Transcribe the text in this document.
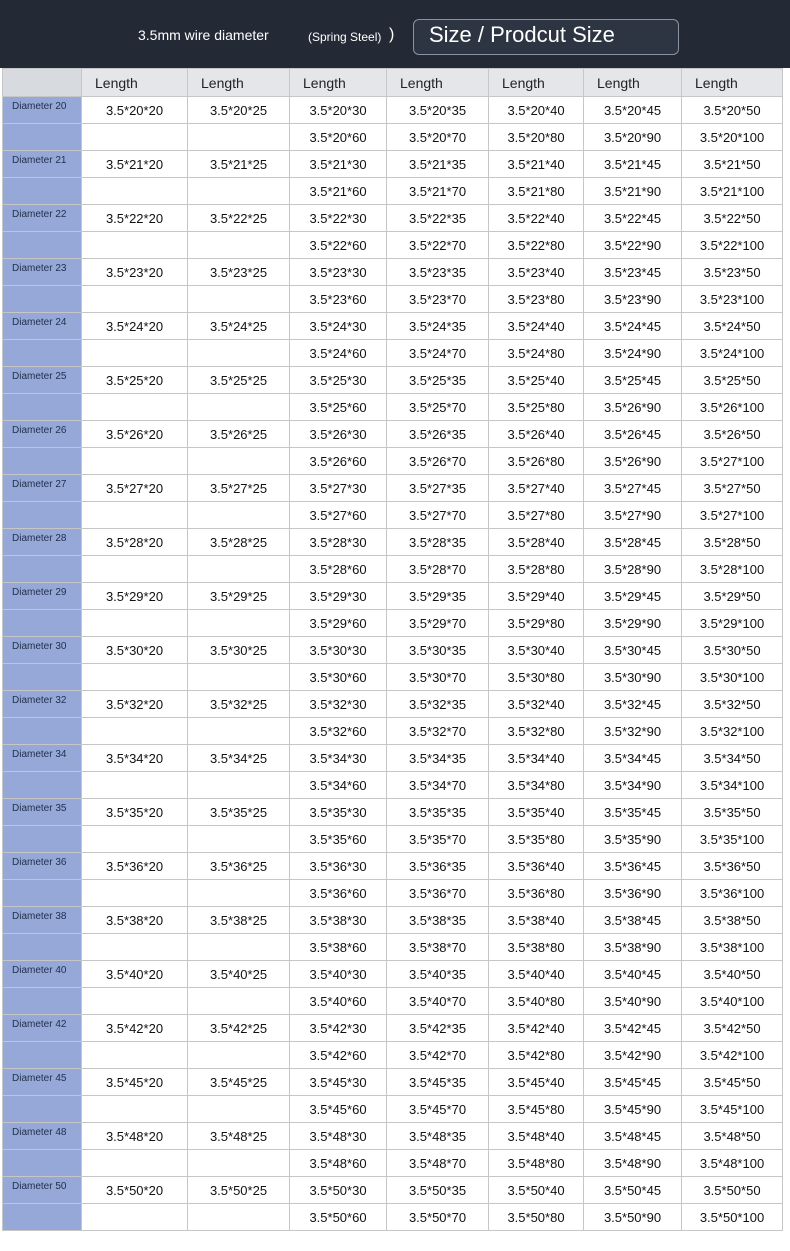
3.5mm wire diameter	(Spring Steel) ) Size / Prodcut Size
	Length	Length	Length	Length	Length	Length	Length
Diameter 20	3.5*20*20	3.5*20*25	3.5*20*30	3.5*20*35	3.5*20*40	3.5*20*45	3.5*20*50
			3.5*20*60	3.5*20*70	3.5*20*80	3.5*20*90	3.5*20*100
Diameter 21	3.5*21*20	3.5*21*25	3.5*21*30	3.5*21*35	3.5*21*40	3.5*21*45	3.5*21*50
			3.5*21*60	3.5*21*70	3.5*21*80	3.5*21*90	3.5*21*100
Diameter 22	3.5*22*20	3.5*22*25	3.5*22*30	3.5*22*35	3.5*22*40	3.5*22*45	3.5*22*50
			3.5*22*60	3.5*22*70	3.5*22*80	3.5*22*90	3.5*22*100
Diameter 23	3.5*23*20	3.5*23*25	3.5*23*30	3.5*23*35	3.5*23*40	3.5*23*45	3.5*23*50
			3.5*23*60	3.5*23*70	3.5*23*80	3.5*23*90	3.5*23*100
Diameter 24	3.5*24*20	3.5*24*25	3.5*24*30	3.5*24*35	3.5*24*40	3.5*24*45	3.5*24*50
			3.5*24*60	3.5*24*70	3.5*24*80	3.5*24*90	3.5*24*100
Diameter 25	3.5*25*20	3.5*25*25	3.5*25*30	3.5*25*35	3.5*25*40	3.5*25*45	3.5*25*50
			3.5*25*60	3.5*25*70	3.5*25*80	3.5*26*90	3.5*26*100
Diameter 26	3.5*26*20	3.5*26*25	3.5*26*30	3.5*26*35	3.5*26*40	3.5*26*45	3.5*26*50
			3.5*26*60	3.5*26*70	3.5*26*80	3.5*26*90	3.5*27*100
Diameter 27	3.5*27*20	3.5*27*25	3.5*27*30	3.5*27*35	3.5*27*40	3.5*27*45	3.5*27*50
			3.5*27*60	3.5*27*70	3.5*27*80	3.5*27*90	3.5*27*100
Diameter 28	3.5*28*20	3.5*28*25	3.5*28*30	3.5*28*35	3.5*28*40	3.5*28*45	3.5*28*50
			3.5*28*60	3.5*28*70	3.5*28*80	3.5*28*90	3.5*28*100
Diameter 29	3.5*29*20	3.5*29*25	3.5*29*30	3.5*29*35	3.5*29*40	3.5*29*45	3.5*29*50
			3.5*29*60	3.5*29*70	3.5*29*80	3.5*29*90	3.5*29*100
Diameter 30	3.5*30*20	3.5*30*25	3.5*30*30	3.5*30*35	3.5*30*40	3.5*30*45	3.5*30*50
			3.5*30*60	3.5*30*70	3.5*30*80	3.5*30*90	3.5*30*100
Diameter 32	3.5*32*20	3.5*32*25	3.5*32*30	3.5*32*35	3.5*32*40	3.5*32*45	3.5*32*50
			3.5*32*60	3.5*32*70	3.5*32*80	3.5*32*90	3.5*32*100
Diameter 34	3.5*34*20	3.5*34*25	3.5*34*30	3.5*34*35	3.5*34*40	3.5*34*45	3.5*34*50
			3.5*34*60	3.5*34*70	3.5*34*80	3.5*34*90	3.5*34*100
Diameter 35	3.5*35*20	3.5*35*25	3.5*35*30	3.5*35*35	3.5*35*40	3.5*35*45	3.5*35*50
			3.5*35*60	3.5*35*70	3.5*35*80	3.5*35*90	3.5*35*100
Diameter 36	3.5*36*20	3.5*36*25	3.5*36*30	3.5*36*35	3.5*36*40	3.5*36*45	3.5*36*50
			3.5*36*60	3.5*36*70	3.5*36*80	3.5*36*90	3.5*36*100
Diameter 38	3.5*38*20	3.5*38*25	3.5*38*30	3.5*38*35	3.5*38*40	3.5*38*45	3.5*38*50
			3.5*38*60	3.5*38*70	3.5*38*80	3.5*38*90	3.5*38*100
Diameter 40	3.5*40*20	3.5*40*25	3.5*40*30	3.5*40*35	3.5*40*40	3.5*40*45	3.5*40*50
			3.5*40*60	3.5*40*70	3.5*40*80	3.5*40*90	3.5*40*100
Diameter 42	3.5*42*20	3.5*42*25	3.5*42*30	3.5*42*35	3.5*42*40	3.5*42*45	3.5*42*50
			3.5*42*60	3.5*42*70	3.5*42*80	3.5*42*90	3.5*42*100
Diameter 45	3.5*45*20	3.5*45*25	3.5*45*30	3.5*45*35	3.5*45*40	3.5*45*45	3.5*45*50
			3.5*45*60	3.5*45*70	3.5*45*80	3.5*45*90	3.5*45*100
Diameter 48	3.5*48*20	3.5*48*25	3.5*48*30	3.5*48*35	3.5*48*40	3.5*48*45	3.5*48*50
			3.5*48*60	3.5*48*70	3.5*48*80	3.5*48*90	3.5*48*100
Diameter 50	3.5*50*20	3.5*50*25	3.5*50*30	3.5*50*35	3.5*50*40	3.5*50*45	3.5*50*50
			3.5*50*60	3.5*50*70	3.5*50*80	3.5*50*90	3.5*50*100
